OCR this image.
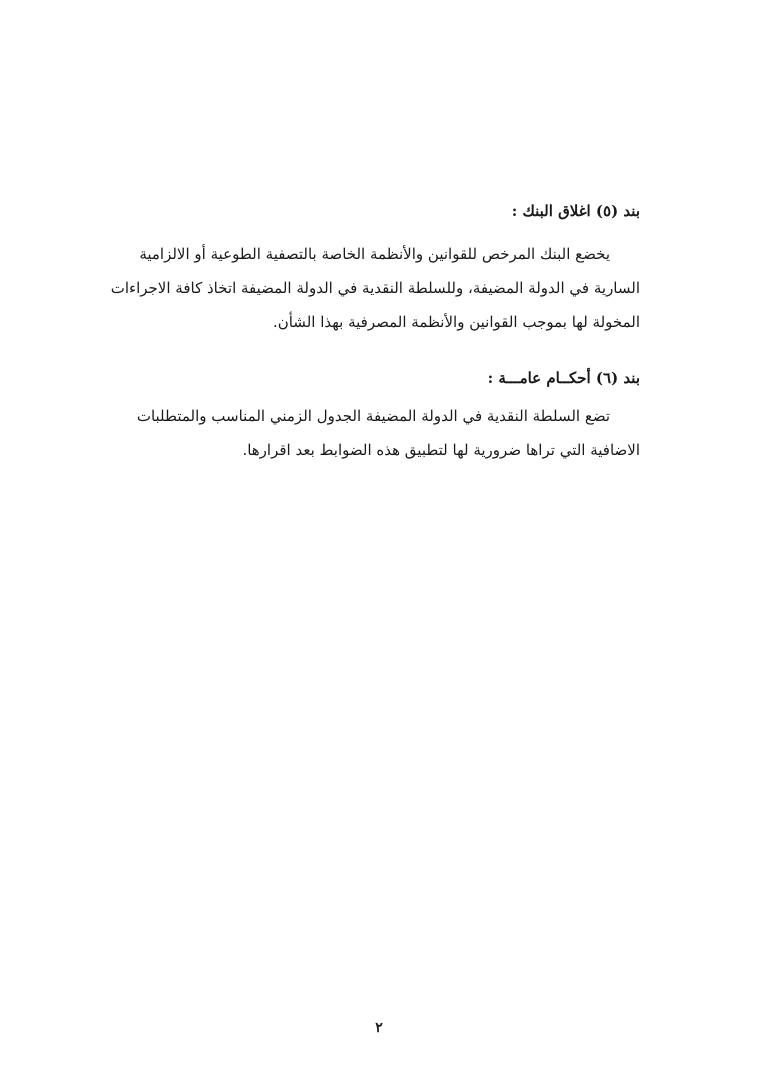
بند (٥) اغلاق البنك :
يخضع البنك المرخص للقوانين والأنظمة الخاصة بالتصفية الطوعية أو الالزامية
السارية في الدولة المضيفة، وللسلطة النقدية في الدولة المضيفة اتخاذ كافة الاجراءات
المخولة لها بموجب القوانين والأنظمة المصرفية بهذا الشأن.
بند (٦) أحكــام عامـــة :
تضع السلطة النقدية في الدولة المضيفة الجدول الزمني المناسب والمتطلبات
الاضافية التي تراها ضرورية لها لتطبيق هذه الضوابط بعد اقرارها.
٢
